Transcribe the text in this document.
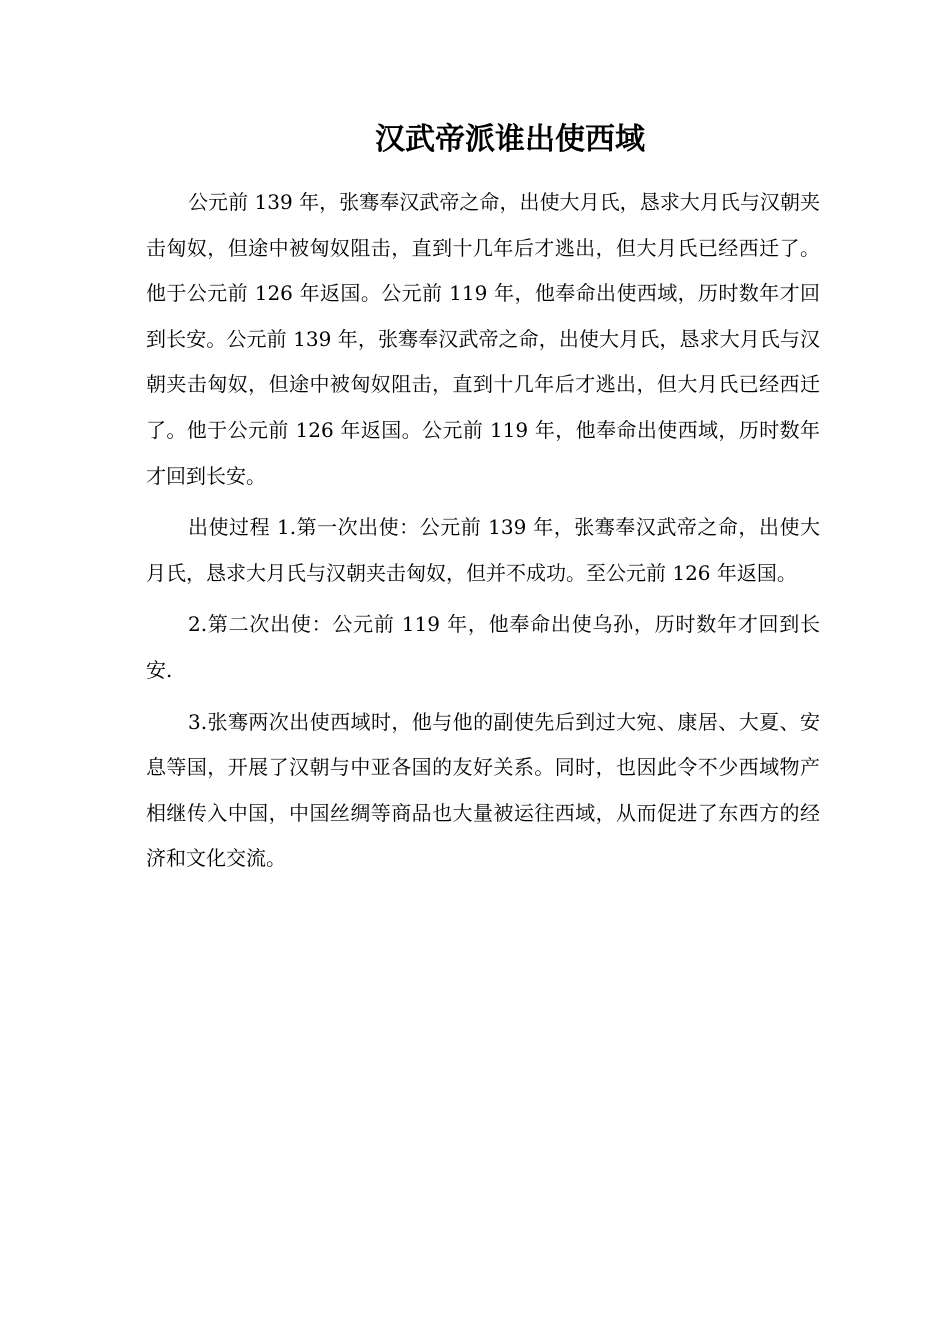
汉武帝派谁出使西域

公元前 139 年，张骞奉汉武帝之命，出使大月氏，恳求大月氏与汉朝夹击匈奴，但途中被匈奴阻击，直到十几年后才逃出，但大月氏已经西迁了。他于公元前 126 年返国。公元前 119 年，他奉命出使西域，历时数年才回到长安。公元前 139 年，张骞奉汉武帝之命，出使大月氏，恳求大月氏与汉朝夹击匈奴，但途中被匈奴阻击，直到十几年后才逃出，但大月氏已经西迁了。他于公元前 126 年返国。公元前 119 年，他奉命出使西域，历时数年才回到长安。

出使过程 1.第一次出使：公元前 139 年，张骞奉汉武帝之命，出使大月氏，恳求大月氏与汉朝夹击匈奴，但并不成功。至公元前 126 年返国。

2.第二次出使：公元前 119 年，他奉命出使乌孙，历时数年才回到长安.

3.张骞两次出使西域时，他与他的副使先后到过大宛、康居、大夏、安息等国，开展了汉朝与中亚各国的友好关系。同时，也因此令不少西域物产相继传入中国，中国丝绸等商品也大量被运往西域，从而促进了东西方的经济和文化交流。
